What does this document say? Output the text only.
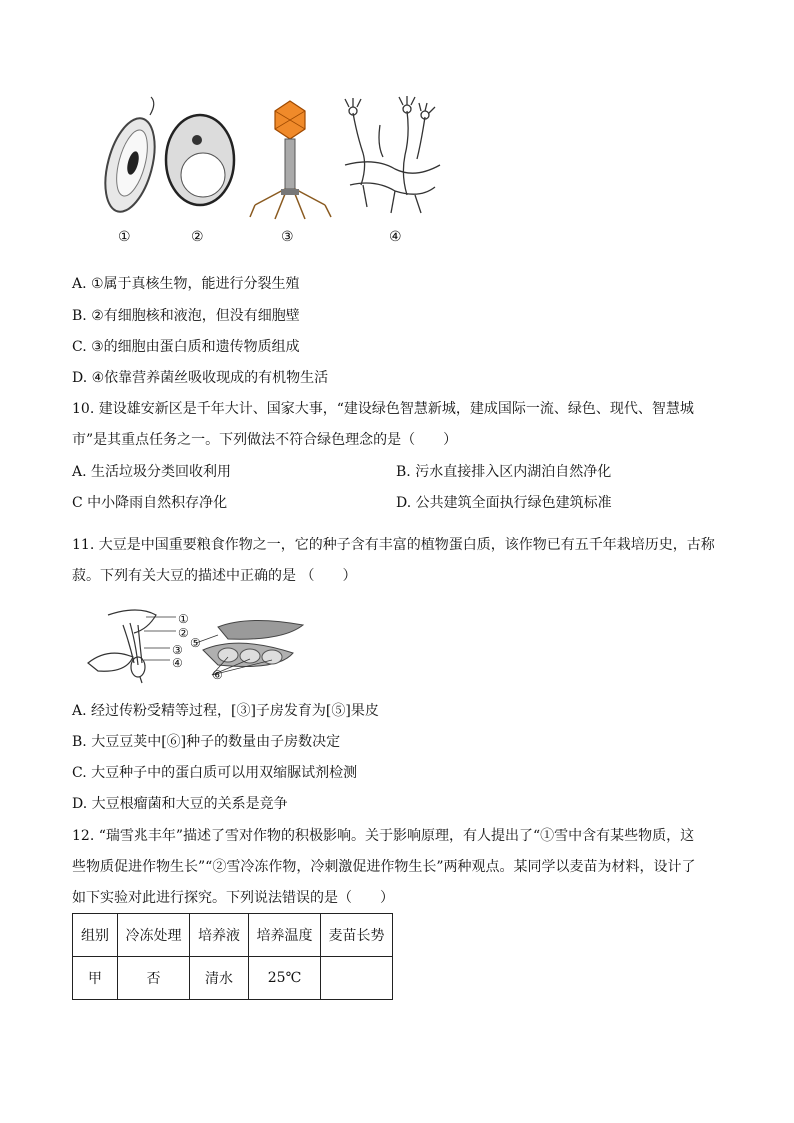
①	②	③	④
A. ①属于真核生物，能进行分裂生殖
B. ②有细胞核和液泡，但没有细胞壁
C. ③的细胞由蛋白质和遗传物质组成
D. ④依靠营养菌丝吸收现成的有机物生活
10. 建设雄安新区是千年大计、国家大事，“建设绿色智慧新城，建成国际一流、绿色、现代、智慧城
市”是其重点任务之一。下列做法不符合绿色理念的是（　　）
A. 生活垃圾分类回收利用	B. 污水直接排入区内湖泊自然净化
C 中小降雨自然积存净化	D. 公共建筑全面执行绿色建筑标准
11. 大豆是中国重要粮食作物之一，它的种子含有丰富的植物蛋白质，该作物已有五千年栽培历史，古称
菽。下列有关大豆的描述中正确的是 （　　）
①
②
③
④
⑤
⑥
A. 经过传粉受精等过程，[③]子房发育为[⑤]果皮
B. 大豆豆荚中[⑥]种子的数量由子房数决定
C. 大豆种子中的蛋白质可以用双缩脲试剂检测
D. 大豆根瘤菌和大豆的关系是竞争
12. “瑞雪兆丰年”描述了雪对作物的积极影响。关于影响原理，有人提出了“①雪中含有某些物质，这
些物质促进作物生长”“②雪冷冻作物，冷刺激促进作物生长”两种观点。某同学以麦苗为材料，设计了
如下实验对此进行探究。下列说法错误的是（　　）
组别	冷冻处理	培养液	培养温度	麦苗长势
甲	否	清水	25℃	
